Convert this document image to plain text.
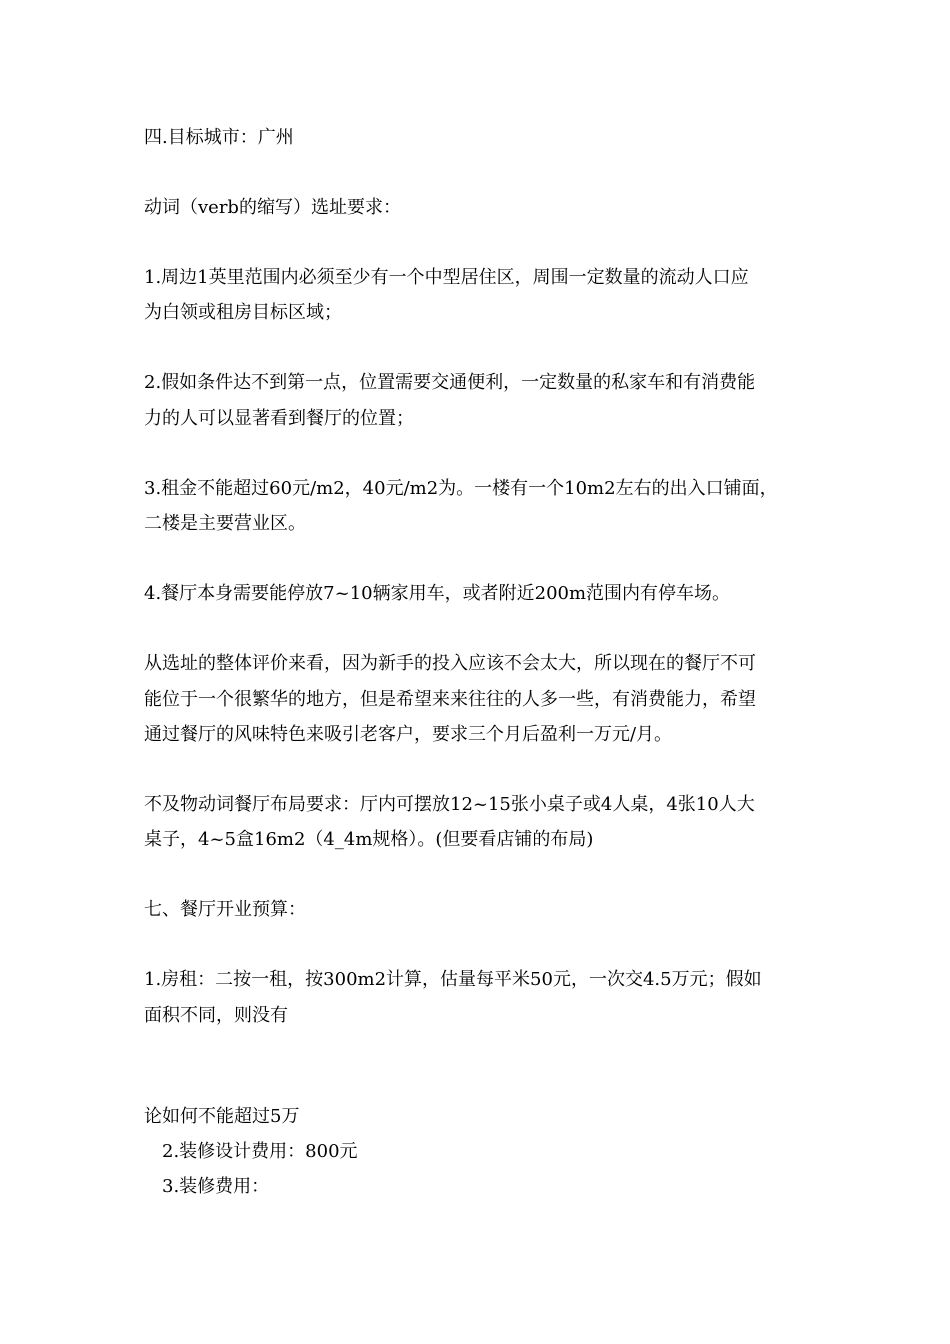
四.目标城市：广州
动词（verb的缩写）选址要求：
1.周边1英里范围内必须至少有一个中型居住区，周围一定数量的流动人口应
为白领或租房目标区域；
2.假如条件达不到第一点，位置需要交通便利，一定数量的私家车和有消费能
力的人可以显著看到餐厅的位置；
3.租金不能超过60元/m2，40元/m2为。一楼有一个10m2左右的出入口铺面，
二楼是主要营业区。
4.餐厅本身需要能停放7~10辆家用车，或者附近200m范围内有停车场。
从选址的整体评价来看，因为新手的投入应该不会太大，所以现在的餐厅不可
能位于一个很繁华的地方，但是希望来来往往的人多一些，有消费能力，希望
通过餐厅的风味特色来吸引老客户，要求三个月后盈利一万元/月。
不及物动词餐厅布局要求：厅内可摆放12~15张小桌子或4人桌，4张10人大
桌子，4~5盒16m2（4_4m规格）。(但要看店铺的布局)
七、餐厅开业预算：
1.房租：二按一租，按300m2计算，估量每平米50元，一次交4.5万元；假如
面积不同，则没有
论如何不能超过5万
2.装修设计费用：800元
3.装修费用：
